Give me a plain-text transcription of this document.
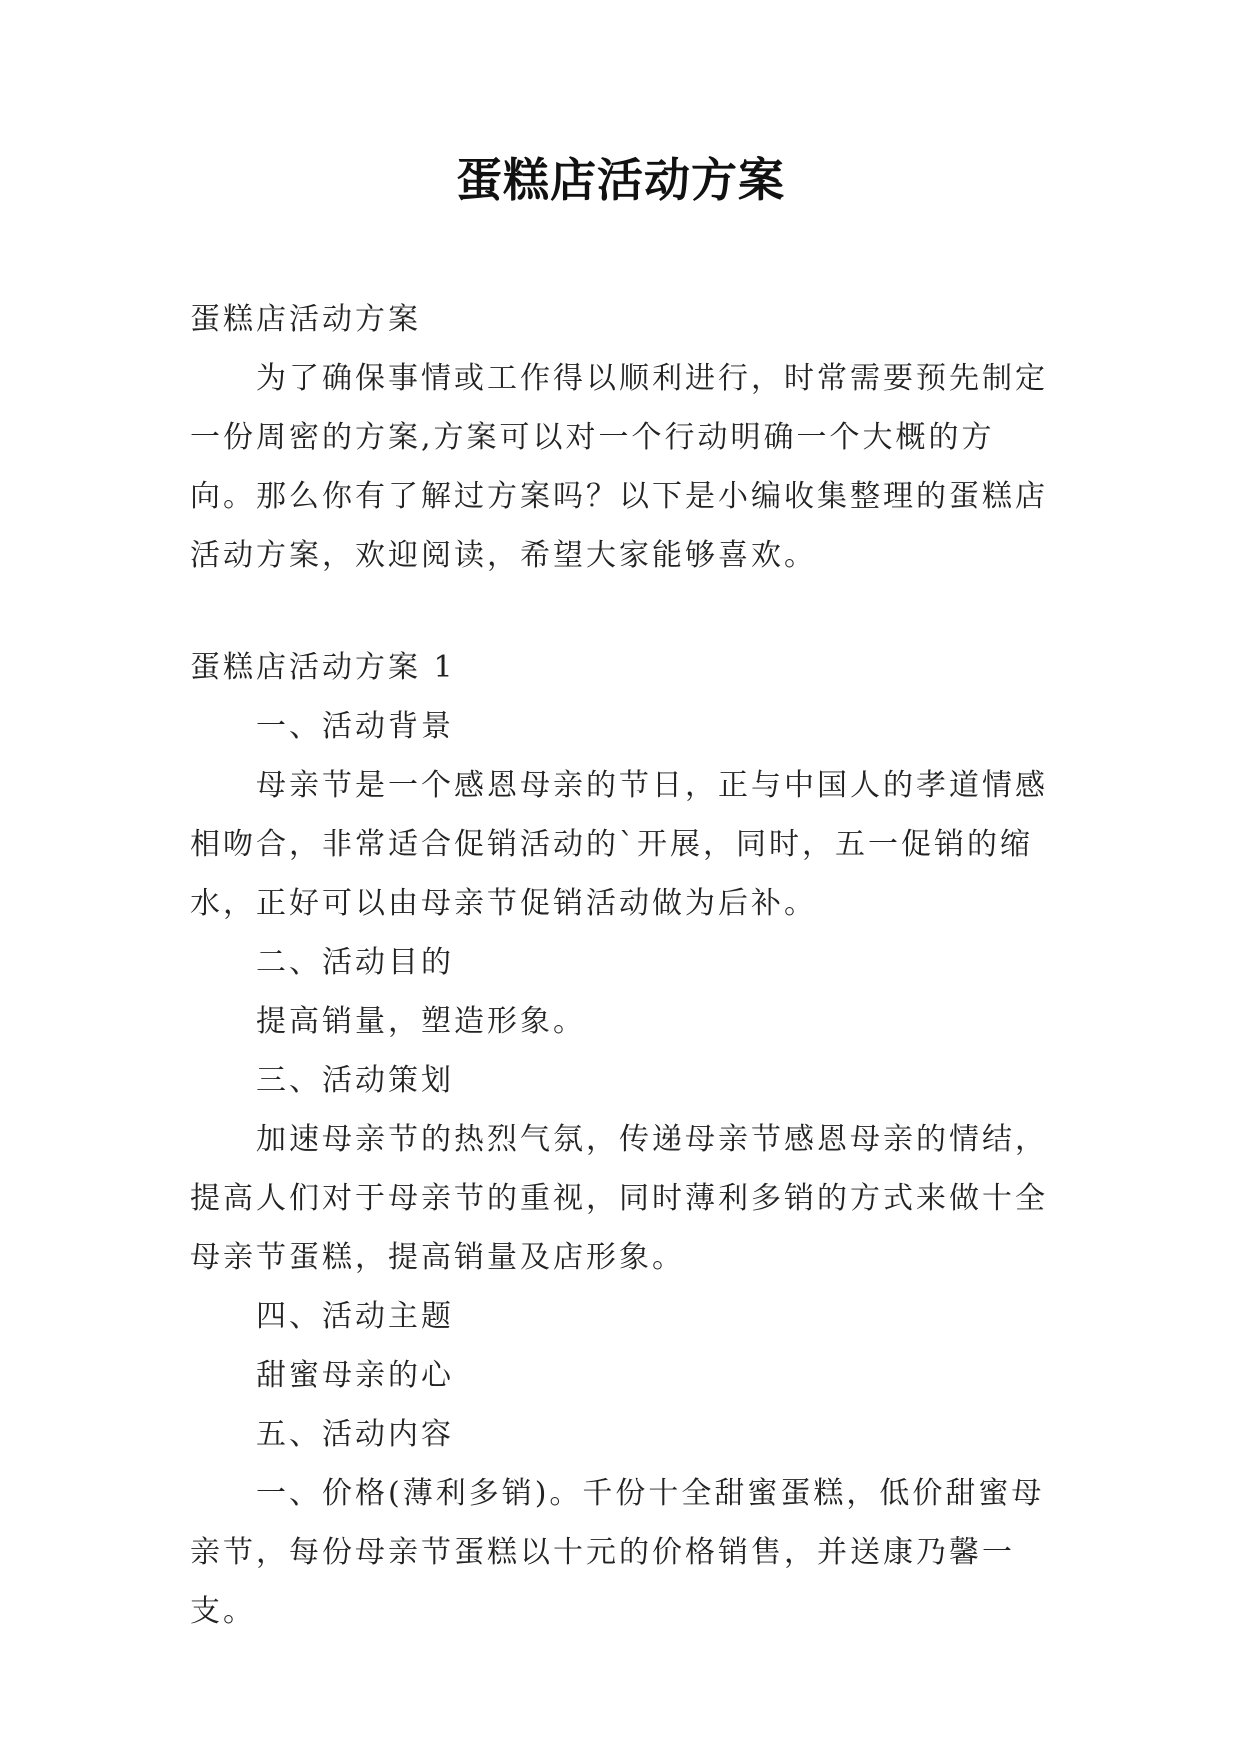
蛋糕店活动方案

蛋糕店活动方案

为了确保事情或工作得以顺利进行，时常需要预先制定一份周密的方案,方案可以对一个行动明确一个大概的方向。那么你有了解过方案吗？以下是小编收集整理的蛋糕店活动方案，欢迎阅读，希望大家能够喜欢。

蛋糕店活动方案 1

一、活动背景

母亲节是一个感恩母亲的节日，正与中国人的孝道情感相吻合，非常适合促销活动的`开展，同时，五一促销的缩水，正好可以由母亲节促销活动做为后补。

二、活动目的

提高销量，塑造形象。

三、活动策划

加速母亲节的热烈气氛，传递母亲节感恩母亲的情结，提高人们对于母亲节的重视，同时薄利多销的方式来做十全母亲节蛋糕，提高销量及店形象。

四、活动主题

甜蜜母亲的心

五、活动内容

一、价格(薄利多销)。千份十全甜蜜蛋糕，低价甜蜜母亲节，每份母亲节蛋糕以十元的价格销售，并送康乃馨一支。
